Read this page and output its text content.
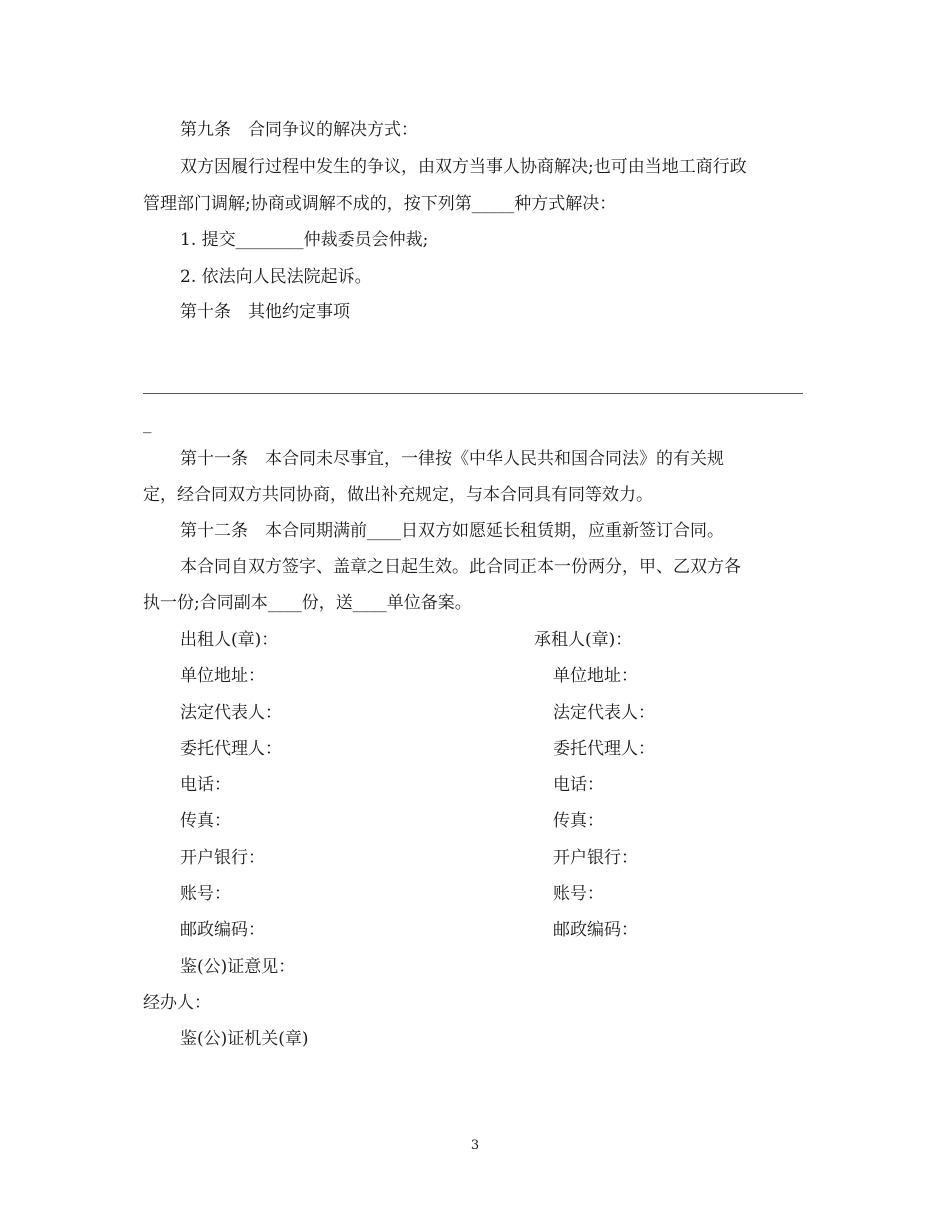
第九条　合同争议的解决方式：
双方因履行过程中发生的争议，由双方当事人协商解决;也可由当地工商行政
管理部门调解;协商或调解不成的，按下列第_____种方式解决：
1. 提交________仲裁委员会仲裁;
2. 依法向人民法院起诉。
第十条　其他约定事项
_
第十一条　本合同未尽事宜，一律按《中华人民共和国合同法》的有关规
定，经合同双方共同协商，做出补充规定，与本合同具有同等效力。
第十二条　本合同期满前____日双方如愿延长租赁期，应重新签订合同。
本合同自双方签字、盖章之日起生效。此合同正本一份两分，甲、乙双方各
执一份;合同副本____份，送____单位备案。
出租人(章)：
单位地址：
法定代表人：
委托代理人：
电话：
传真：
开户银行：
账号：
邮政编码：
承租人(章)：
单位地址：
法定代表人：
委托代理人：
电话：
传真：
开户银行：
账号：
邮政编码：
鉴(公)证意见：
经办人：
鉴(公)证机关(章)
3
